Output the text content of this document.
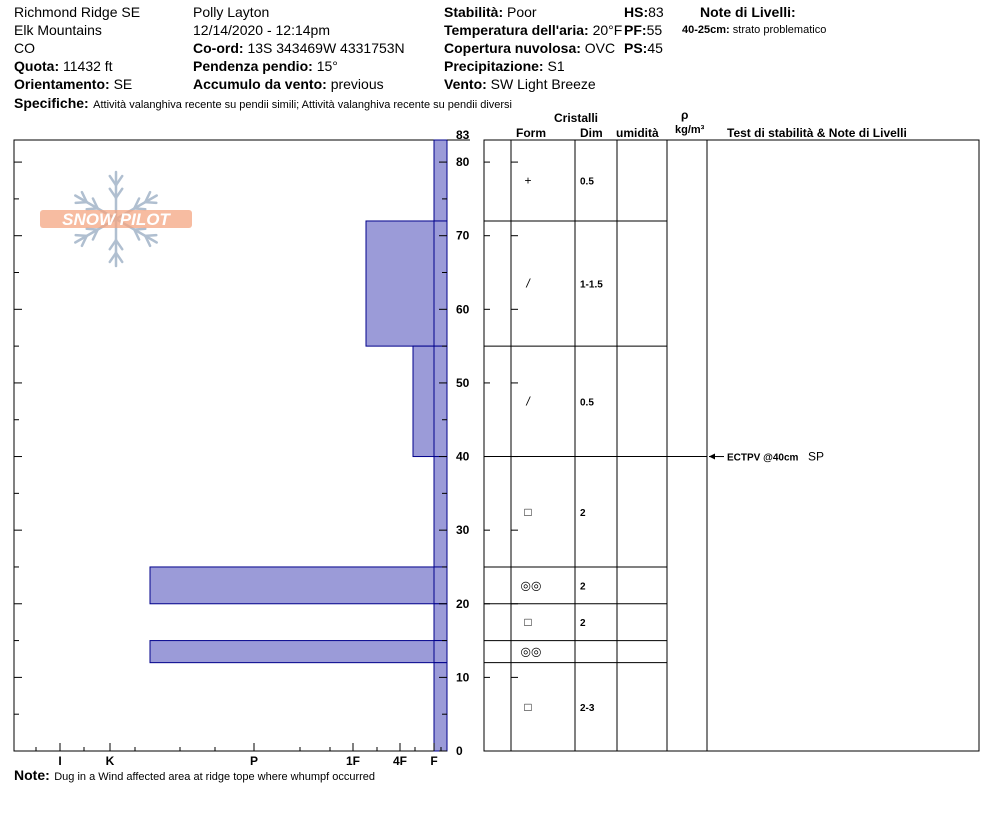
Richmond Ridge SE
Elk Mountains
CO
Quota: 11432 ft
Orientamento: SE
Polly Layton
12/14/2020 - 12:14pm
Co-ord: 13S 343469W 4331753N
Pendenza pendio: 15°
Accumulo da vento: previous
Stabilità: Poor
Temperatura dell'aria: 20°F
Copertura nuvolosa: OVC
Precipitazione: S1
Vento: SW Light Breeze
HS:83
PF:55
PS:45
Note di Livelli:
40-25cm: strato problematico
Specifiche: Attività valanghiva recente su pendii simili; Attività valanghiva recente su pendii diversi
Cristalli
Form	Dim umidità
ρ
kg/m³ Test di stabilità & Note di Livelli
SNOW PILOT
0
10
20
30
40
50
60
70
80
83
I	K	P	1F	4F F
+	0.5
/	1-1.5
/	0.5
□	2
◎◎	2
□	2
◎◎
□	2-3
ECTPV @40cm SP
Note: Dug in a Wind affected area at ridge tope where whumpf occurred
